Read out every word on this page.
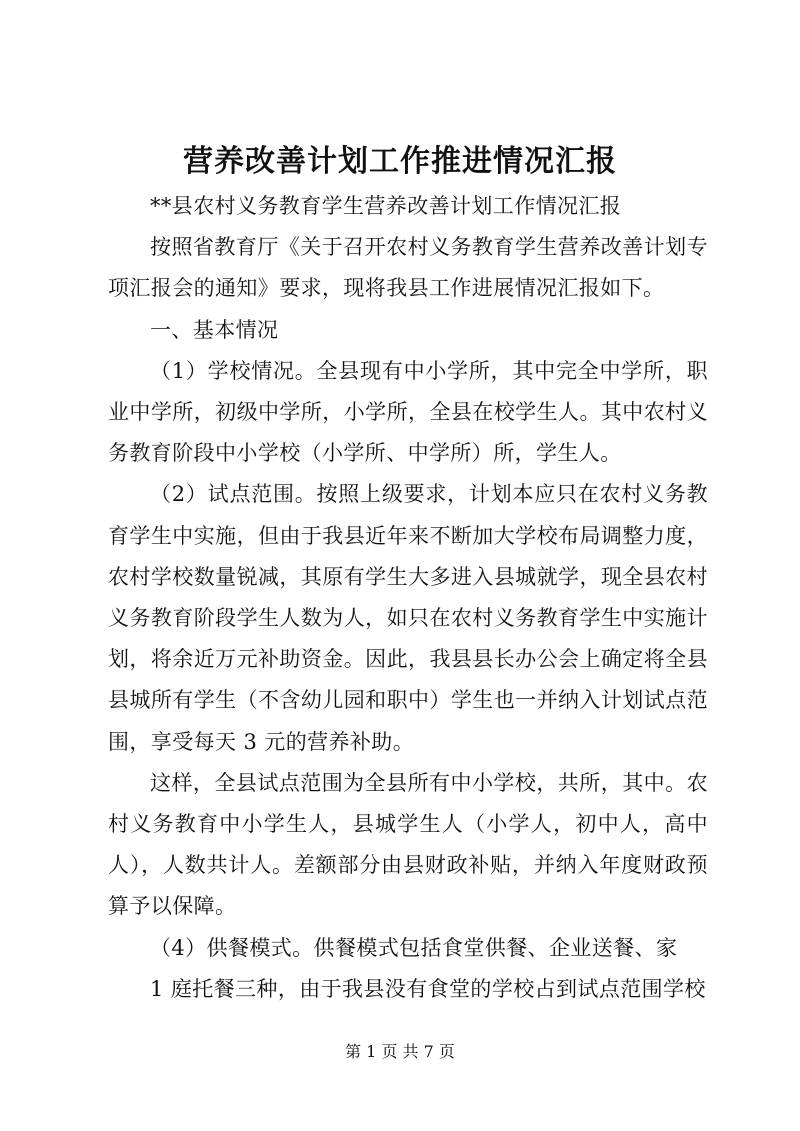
营养改善计划工作推进情况汇报

**县农村义务教育学生营养改善计划工作情况汇报

按照省教育厅《关于召开农村义务教育学生营养改善计划专项汇报会的通知》要求，现将我县工作进展情况汇报如下。

一、基本情况

（1）学校情况。全县现有中小学所，其中完全中学所，职业中学所，初级中学所，小学所，全县在校学生人。其中农村义务教育阶段中小学校（小学所、中学所）所，学生人。

（2）试点范围。按照上级要求，计划本应只在农村义务教育学生中实施，但由于我县近年来不断加大学校布局调整力度，农村学校数量锐减，其原有学生大多进入县城就学，现全县农村义务教育阶段学生人数为人，如只在农村义务教育学生中实施计划，将余近万元补助资金。因此，我县县长办公会上确定将全县县城所有学生（不含幼儿园和职中）学生也一并纳入计划试点范围，享受每天 3 元的营养补助。

这样，全县试点范围为全县所有中小学校，共所，其中。农村义务教育中小学生人，县城学生人（小学人，初中人，高中人），人数共计人。差额部分由县财政补贴，并纳入年度财政预算予以保障。

（4）供餐模式。供餐模式包括食堂供餐、企业送餐、家

1 庭托餐三种，由于我县没有食堂的学校占到试点范围学校

第 1 页 共 7 页
